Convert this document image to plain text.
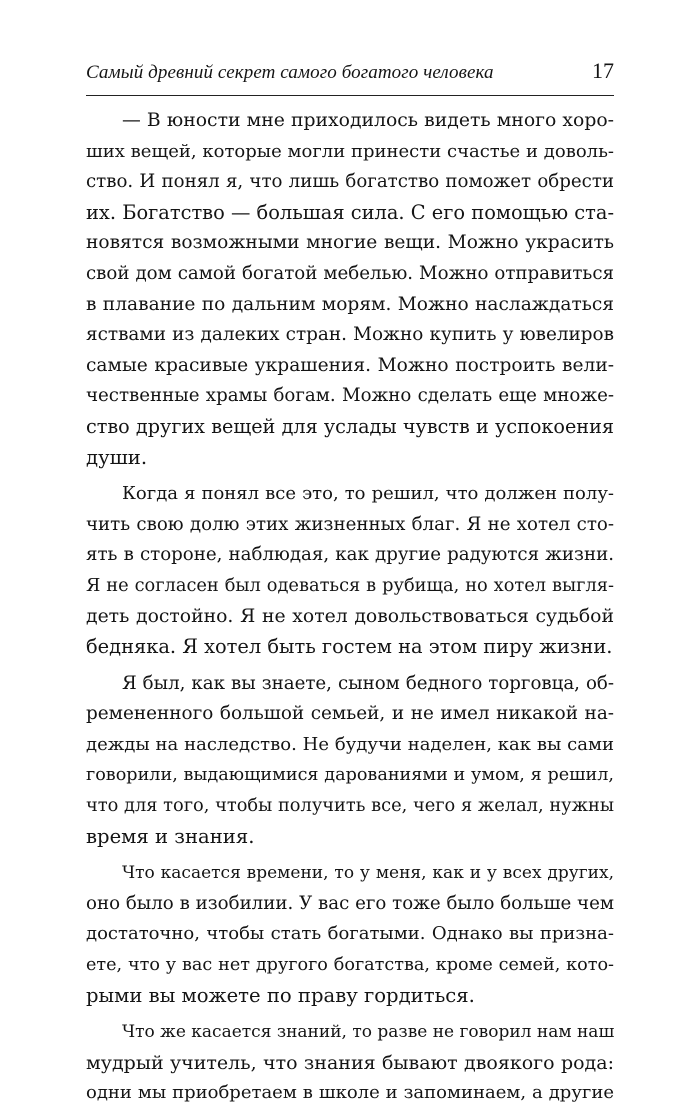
Самый древний секрет самого богатого человека	17
— В юности мне приходилось видеть много хоро-
ших вещей, которые могли принести счастье и доволь-
ство. И понял я, что лишь богатство поможет обрести
их. Богатство — большая сила. С его помощью ста-
новятся возможными многие вещи. Можно украсить
свой дом самой богатой мебелью. Можно отправиться
в плавание по дальним морям. Можно наслаждаться
яствами из далеких стран. Можно купить у ювелиров
самые красивые украшения. Можно построить вели-
чественные храмы богам. Можно сделать еще множе-
ство других вещей для услады чувств и успокоения
души.
Когда я понял все это, то решил, что должен полу-
чить свою долю этих жизненных благ. Я не хотел сто-
ять в стороне, наблюдая, как другие радуются жизни.
Я не согласен был одеваться в рубища, но хотел выгля-
деть достойно. Я не хотел довольствоваться судьбой
бедняка. Я хотел быть гостем на этом пиру жизни.
Я был, как вы знаете, сыном бедного торговца, об-
ремененного большой семьей, и не имел никакой на-
дежды на наследство. Не будучи наделен, как вы сами
говорили, выдающимися дарованиями и умом, я решил,
что для того, чтобы получить все, чего я желал, нужны
время и знания.
Что касается времени, то у меня, как и у всех других,
оно было в изобилии. У вас его тоже было больше чем
достаточно, чтобы стать богатыми. Однако вы призна-
ете, что у вас нет другого богатства, кроме семей, кото-
рыми вы можете по праву гордиться.
Что же касается знаний, то разве не говорил нам наш
мудрый учитель, что знания бывают двоякого рода:
одни мы приобретаем в школе и запоминаем, а другие
